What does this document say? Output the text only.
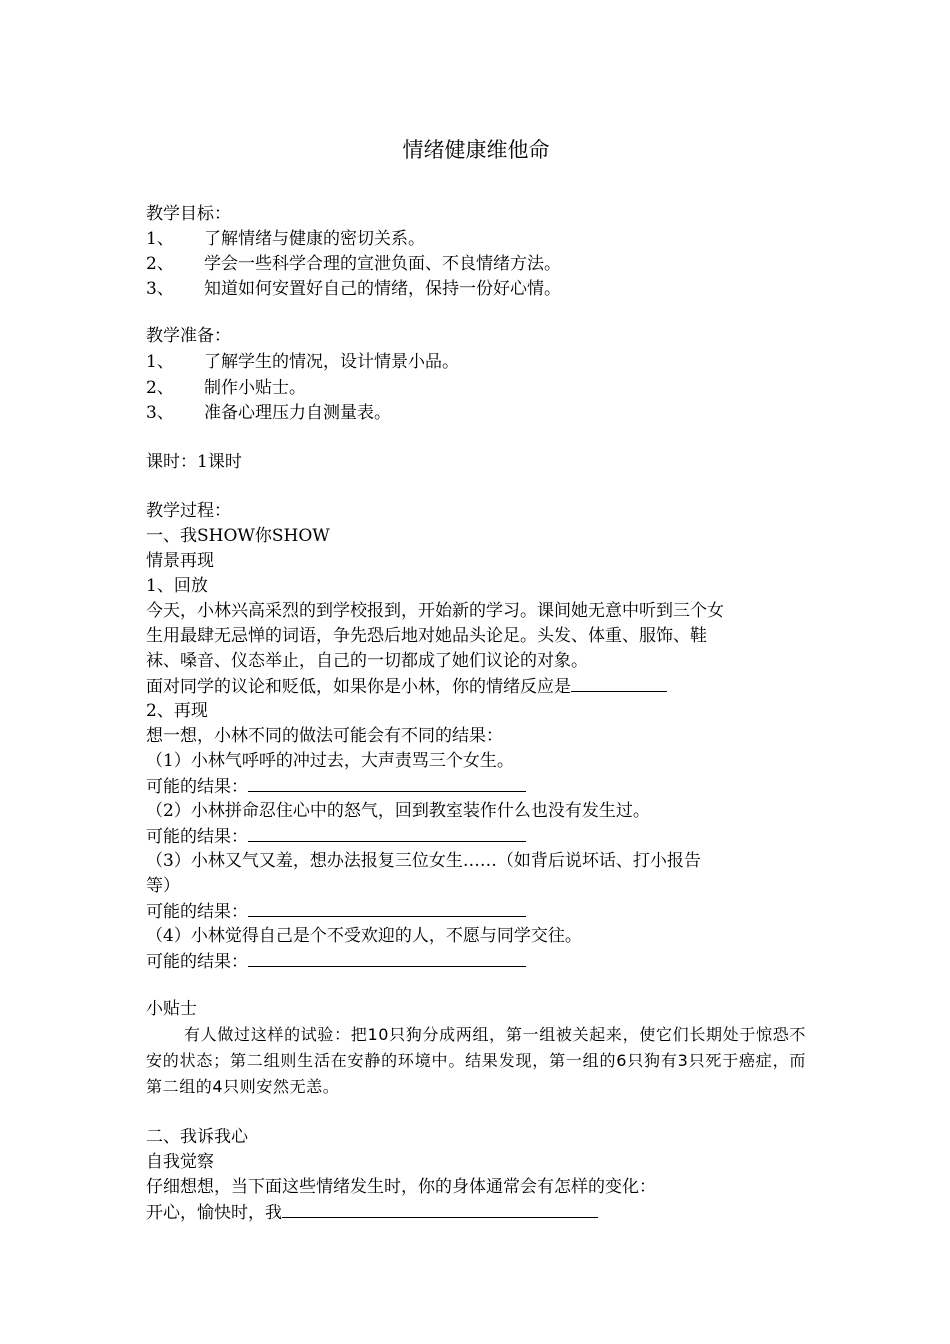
情绪健康维他命
教学目标：
1、 了解情绪与健康的密切关系。
2、 学会一些科学合理的宣泄负面、不良情绪方法。
3、 知道如何安置好自己的情绪，保持一份好心情。
教学准备：
1、 了解学生的情况，设计情景小品。
2、 制作小贴士。
3、 准备心理压力自测量表。
课时：1课时
教学过程：
一、我SHOW你SHOW
情景再现
1、回放
今天，小林兴高采烈的到学校报到，开始新的学习。课间她无意中听到三个女
生用最肆无忌惮的词语，争先恐后地对她品头论足。头发、体重、服饰、鞋
袜、嗓音、仪态举止，自己的一切都成了她们议论的对象。
面对同学的议论和贬低，如果你是小林，你的情绪反应是
2、再现
想一想，小林不同的做法可能会有不同的结果：
（1）小林气呼呼的冲过去，大声责骂三个女生。
可能的结果：
（2）小林拼命忍住心中的怒气，回到教室装作什么也没有发生过。
可能的结果：
（3）小林又气又羞，想办法报复三位女生……（如背后说坏话、打小报告
等）
可能的结果：
（4）小林觉得自己是个不受欢迎的人，不愿与同学交往。
可能的结果：
小贴士
有人做过这样的试验：把10只狗分成两组，第一组被关起来，使它们长期处于惊恐不安的状态；第二组则生活在安静的环境中。结果发现，第一组的6只狗有3只死于癌症，而第二组的4只则安然无恙。
二、我诉我心
自我觉察
仔细想想，当下面这些情绪发生时，你的身体通常会有怎样的变化：
开心，愉快时，我
